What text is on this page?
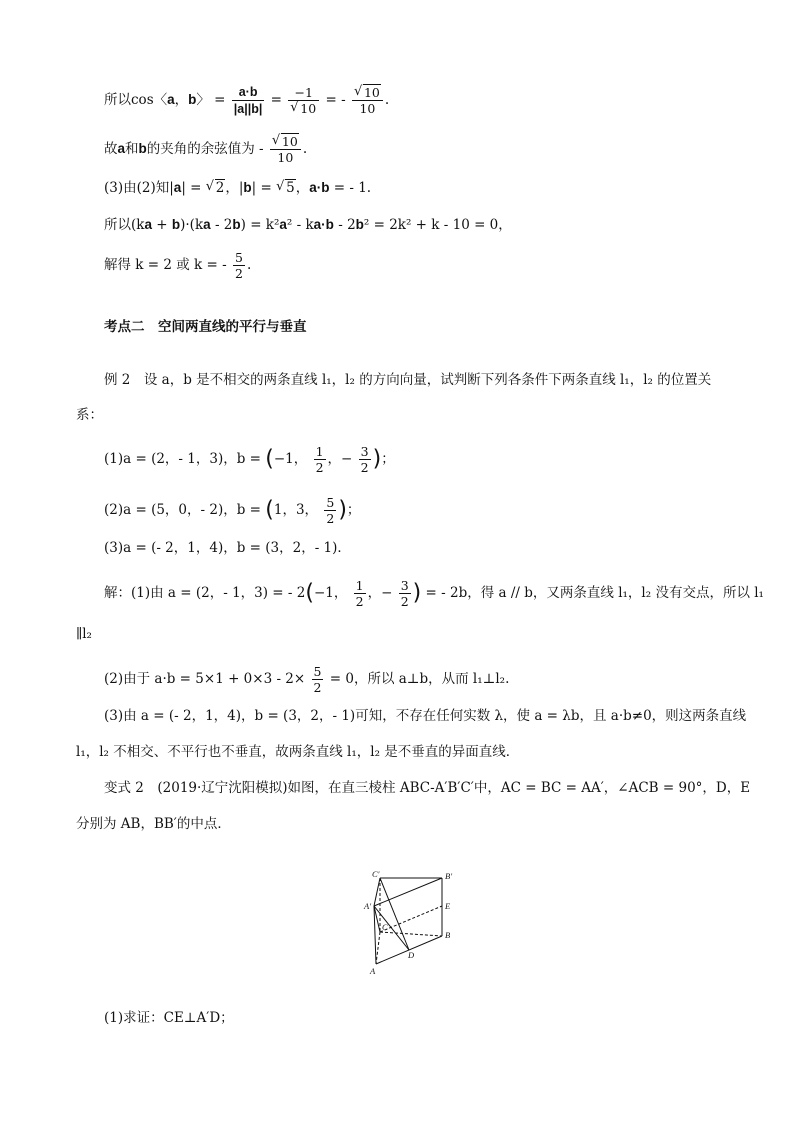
所以cos〈a，b〉 = $\frac{a\cdot b}{|a||b|} = -1$
√ 10 = - √ $\frac{10}{10}$ .
故a和b的夹角的余弦值为 - √ $\frac{10}{10}$ .
(3)由(2)知|a| = √ 2，|b| = √ 5，a·b = - 1.
所以(ka + b)·(ka - 2b) = k²a² - ka·b - 2b² = 2k² + k - 10 = 0，
解得 k = 2 或 k = - $\frac{5}{2}$ .
考点二　空间两直线的平行与垂直
例 2　设 a，b 是不相交的两条直线 l₁，l₂ 的方向向量，试判断下列各条件下两条直线 l₁，l₂ 的位置关
系：
(1)a = (2，- 1，3)，b = (−1， $\frac{1}{2}$ ，− $\frac{3}{2}$ )；
(2)a = (5，0，- 2)，b = (1，3， $\frac{5}{2}$ )；
(3)a = (- 2，1，4)，b = (3，2，- 1)．
解：(1)由 a = (2，- 1，3) = - 2(−1， $\frac{1}{2}$ ，− $\frac{3}{2}$ ) = - 2b，得 a // b，又两条直线 l₁，l₂ 没有交点，所以 l₁
∥l₂
(2)由于 $a\cdot b = 5\times 1 + 0\times 3 - 2\times \frac{5}{2} = 0$，所以 a⊥b，从而 l₁⊥l₂.
(3)由 a = (- 2，1，4)，b = (3，2，- 1)可知，不存在任何实数 λ，使 a = λb，且 a·b≠0，则这两条直线
l₁，l₂ 不相交、不平行也不垂直，故两条直线 l₁，l₂ 是不垂直的异面直线．
变式 2　(2019·辽宁沈阳模拟)如图，在直三棱柱 ABC-A′B′C′中，AC = BC = AA′，∠ACB = 90°，D，E
分别为 AB，BB′的中点．
C′	B′
A′	E
C
B
D
A
(1)求证：CE⊥A′D；
